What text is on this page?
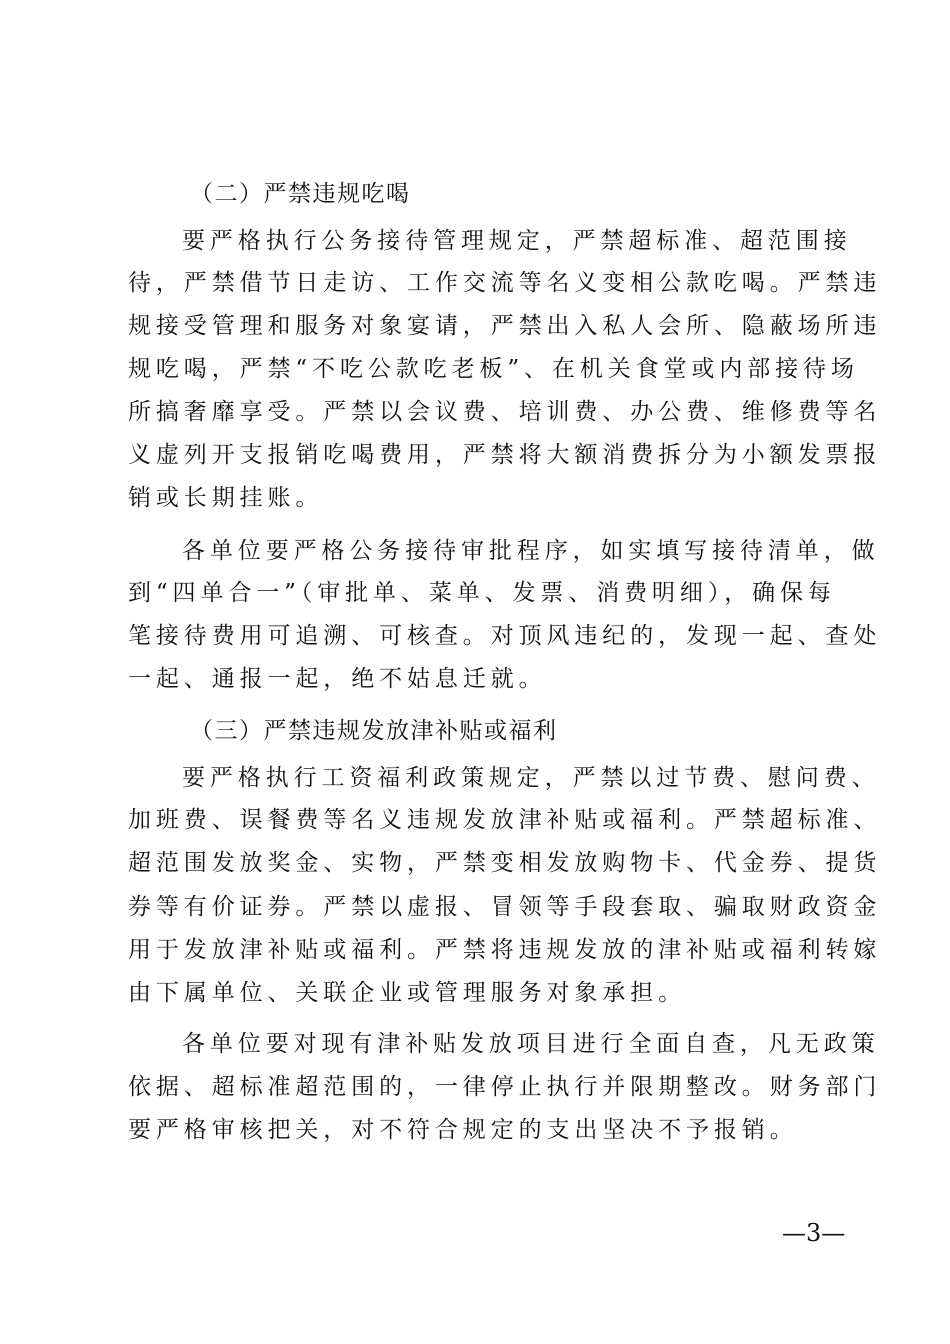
（二）严禁违规吃喝
要严格执行公务接待管理规定，严禁超标准、超范围接
待，严禁借节日走访、工作交流等名义变相公款吃喝。严禁违
规接受管理和服务对象宴请，严禁出入私人会所、隐蔽场所违
规吃喝，严禁“不吃公款吃老板”、在机关食堂或内部接待场
所搞奢靡享受。严禁以会议费、培训费、办公费、维修费等名
义虚列开支报销吃喝费用，严禁将大额消费拆分为小额发票报
销或长期挂账。
各单位要严格公务接待审批程序，如实填写接待清单，做
到“四单合一”（审批单、菜单、发票、消费明细），确保每
笔接待费用可追溯、可核查。对顶风违纪的，发现一起、查处
一起、通报一起，绝不姑息迁就。
（三）严禁违规发放津补贴或福利
要严格执行工资福利政策规定，严禁以过节费、慰问费、
加班费、误餐费等名义违规发放津补贴或福利。严禁超标准、
超范围发放奖金、实物，严禁变相发放购物卡、代金券、提货
券等有价证券。严禁以虚报、冒领等手段套取、骗取财政资金
用于发放津补贴或福利。严禁将违规发放的津补贴或福利转嫁
由下属单位、关联企业或管理服务对象承担。
各单位要对现有津补贴发放项目进行全面自查，凡无政策
依据、超标准超范围的，一律停止执行并限期整改。财务部门
要严格审核把关，对不符合规定的支出坚决不予报销。
—3—
